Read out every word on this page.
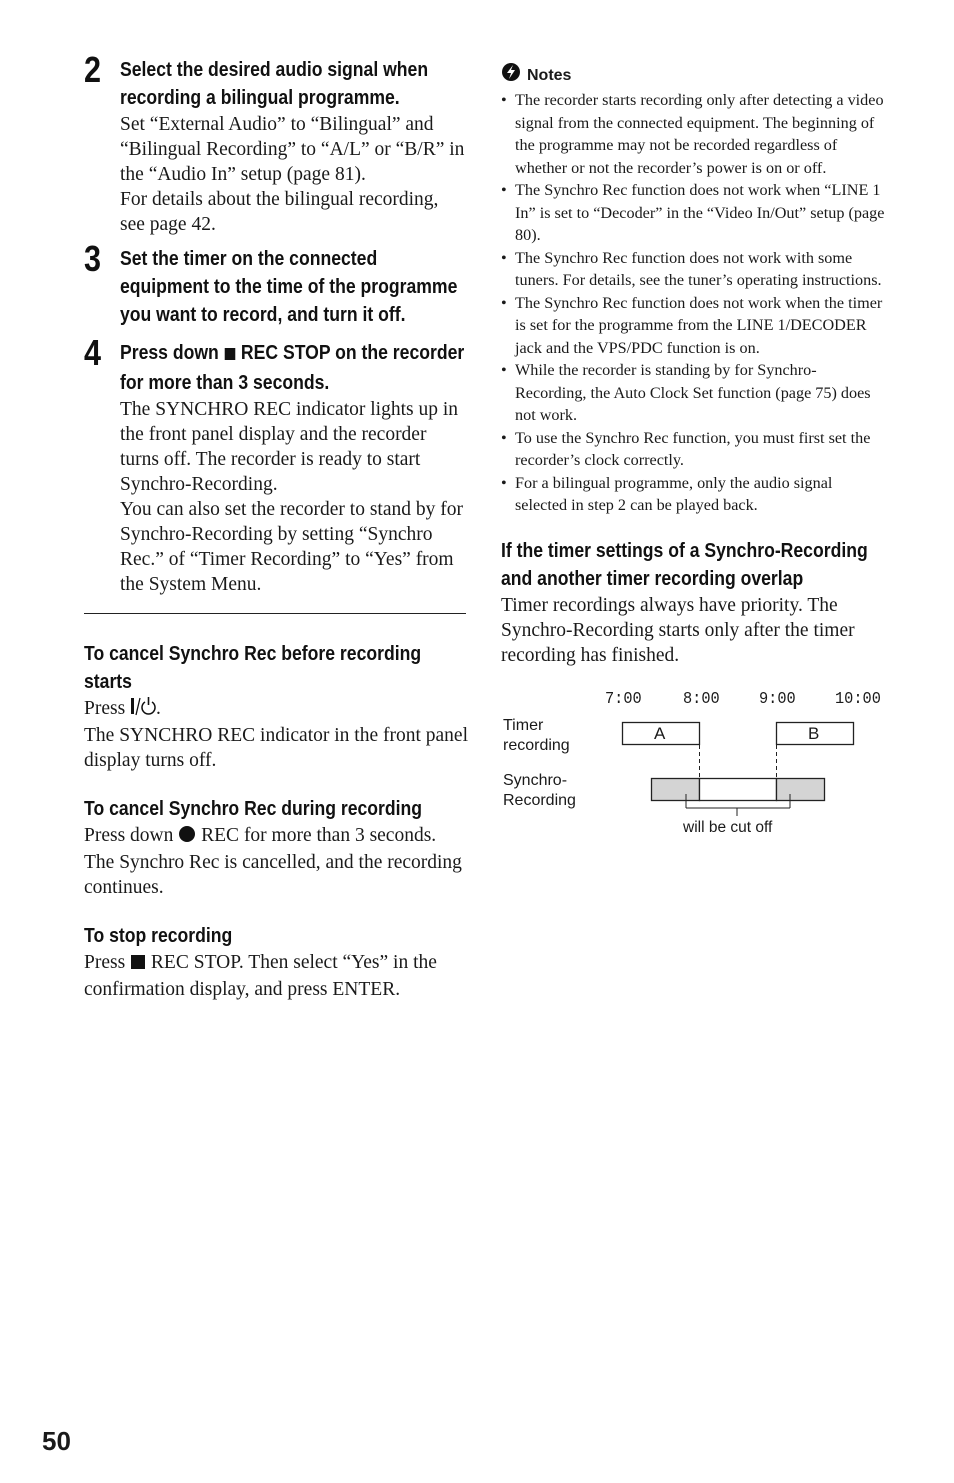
2 Select the desired audio signal when recording a bilingual programme.

Set “External Audio” to “Bilingual” and “Bilingual Recording” to “A/L” or “B/R” in the “Audio In” setup (page 81).

For details about the bilingual recording, see page 42.

3 Set the timer on the connected equipment to the time of the programme you want to record, and turn it off.
4 Press down REC STOP on the recorder for more than 3 seconds.

The SYNCHRO REC indicator lights up in the front panel display and the recorder turns off. The recorder is ready to start Synchro-Recording.

You can also set the recorder to stand by for Synchro-Recording by setting “Synchro Rec.” of “Timer Recording” to “Yes” from the System Menu.

To cancel Synchro Rec before recording starts

Press .

The SYNCHRO REC indicator in the front panel display turns off.

To cancel Synchro Rec during recording

Press down REC for more than 3 seconds. The Synchro Rec is cancelled, and the recording continues.

To stop recording

Press REC STOP. Then select “Yes” in the confirmation display, and press ENTER.

Notes
• The recorder starts recording only after detecting a video signal from the connected equipment. The beginning of the programme may not be recorded regardless of whether or not the recorder’s power is on or off.
• The Synchro Rec function does not work when “LINE 1 In” is set to “Decoder” in the “Video In/Out” setup (page 80).
• The Synchro Rec function does not work with some tuners. For details, see the tuner’s operating instructions.
• The Synchro Rec function does not work when the timer is set for the programme from the LINE 1/DECODER jack and the VPS/PDC function is on.
• While the recorder is standing by for Synchro-Recording, the Auto Clock Set function (page 75) does not work.
• To use the Synchro Rec function, you must first set the recorder’s clock correctly.
• For a bilingual programme, only the audio signal selected in step 2 can be played back.
If the timer settings of a Synchro-Recording and another timer recording overlap

Timer recordings always have priority. The Synchro-Recording starts only after the timer recording has finished.

7:00 8:00 9:00 10:00
Timer recording
Synchro-Recording
A	B
will be cut off
50
